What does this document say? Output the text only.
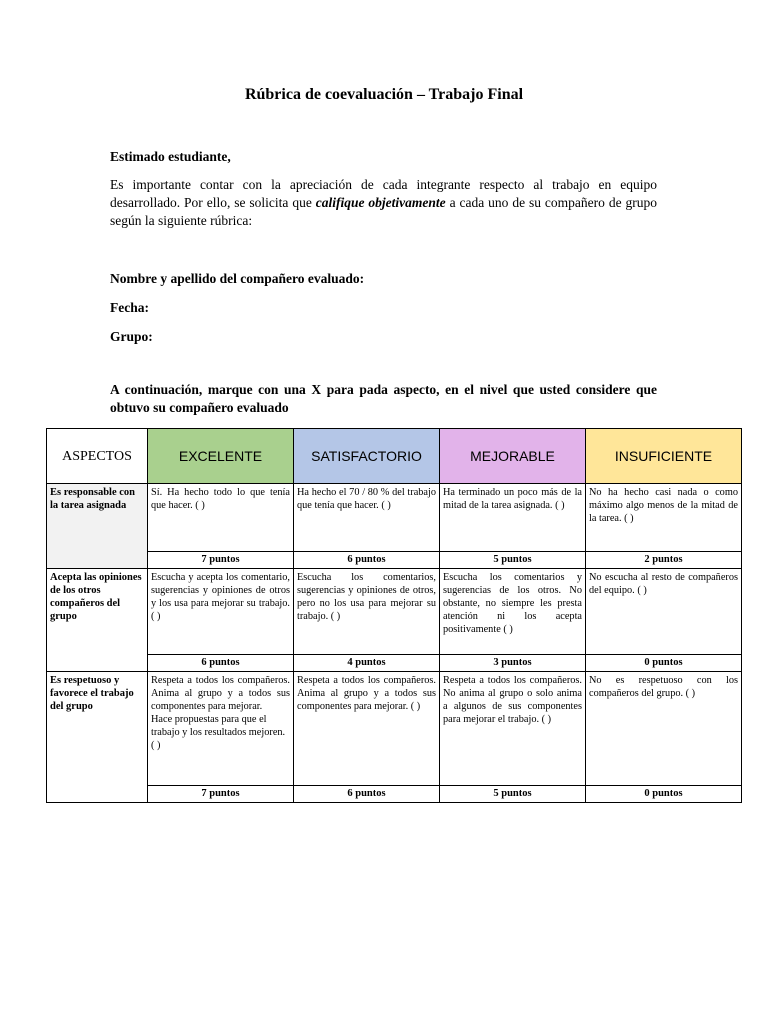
Rúbrica de coevaluación – Trabajo Final
Estimado estudiante,
Es importante contar con la apreciación de cada integrante respecto al trabajo en equipo desarrollado. Por ello, se solicita que califique objetivamente a cada uno de su compañero de grupo según la siguiente rúbrica:
Nombre y apellido del compañero evaluado:
Fecha:
Grupo:
A continuación, marque con una X para pada aspecto, en el nivel que usted considere que obtuvo su compañero evaluado
ASPECTOS	EXCELENTE	SATISFACTORIO	MEJORABLE	INSUFICIENTE
Es responsable con la tarea asignada	Sí. Ha hecho todo lo que tenía que hacer. ( )	Ha hecho el 70 / 80 % del trabajo que tenía que hacer. ( )	Ha terminado un poco más de la mitad de la tarea asignada. ( )	No ha hecho casi nada o como máximo algo menos de la mitad de la tarea. ( )
	7 puntos	6 puntos	5 puntos	2 puntos
Acepta las opiniones de los otros compañeros del grupo	Escucha y acepta los comentario, sugerencias y opiniones de otros y los usa para mejorar su trabajo. ( )	Escucha los comentarios, sugerencias y opiniones de otros, pero no los usa para mejorar su trabajo. ( )	Escucha los comentarios y sugerencias de los otros. No obstante, no siempre les presta atención ni los acepta positivamente ( )	No escucha al resto de compañeros del equipo. ( )
	6 puntos	4 puntos	3 puntos	0 puntos
Es respetuoso y favorece el trabajo del grupo	Respeta a todos los compañeros. Anima al grupo y a todos sus componentes para mejorar.
Hace propuestas para que el trabajo y los resultados mejoren. ( )	Respeta a todos los compañeros. Anima al grupo y a todos sus componentes para mejorar. ( )	Respeta a todos los compañeros. No anima al grupo o solo anima a algunos de sus componentes para mejorar el trabajo. ( )	No es respetuoso con los compañeros del grupo. ( )
	7 puntos	6 puntos	5 puntos	0 puntos
